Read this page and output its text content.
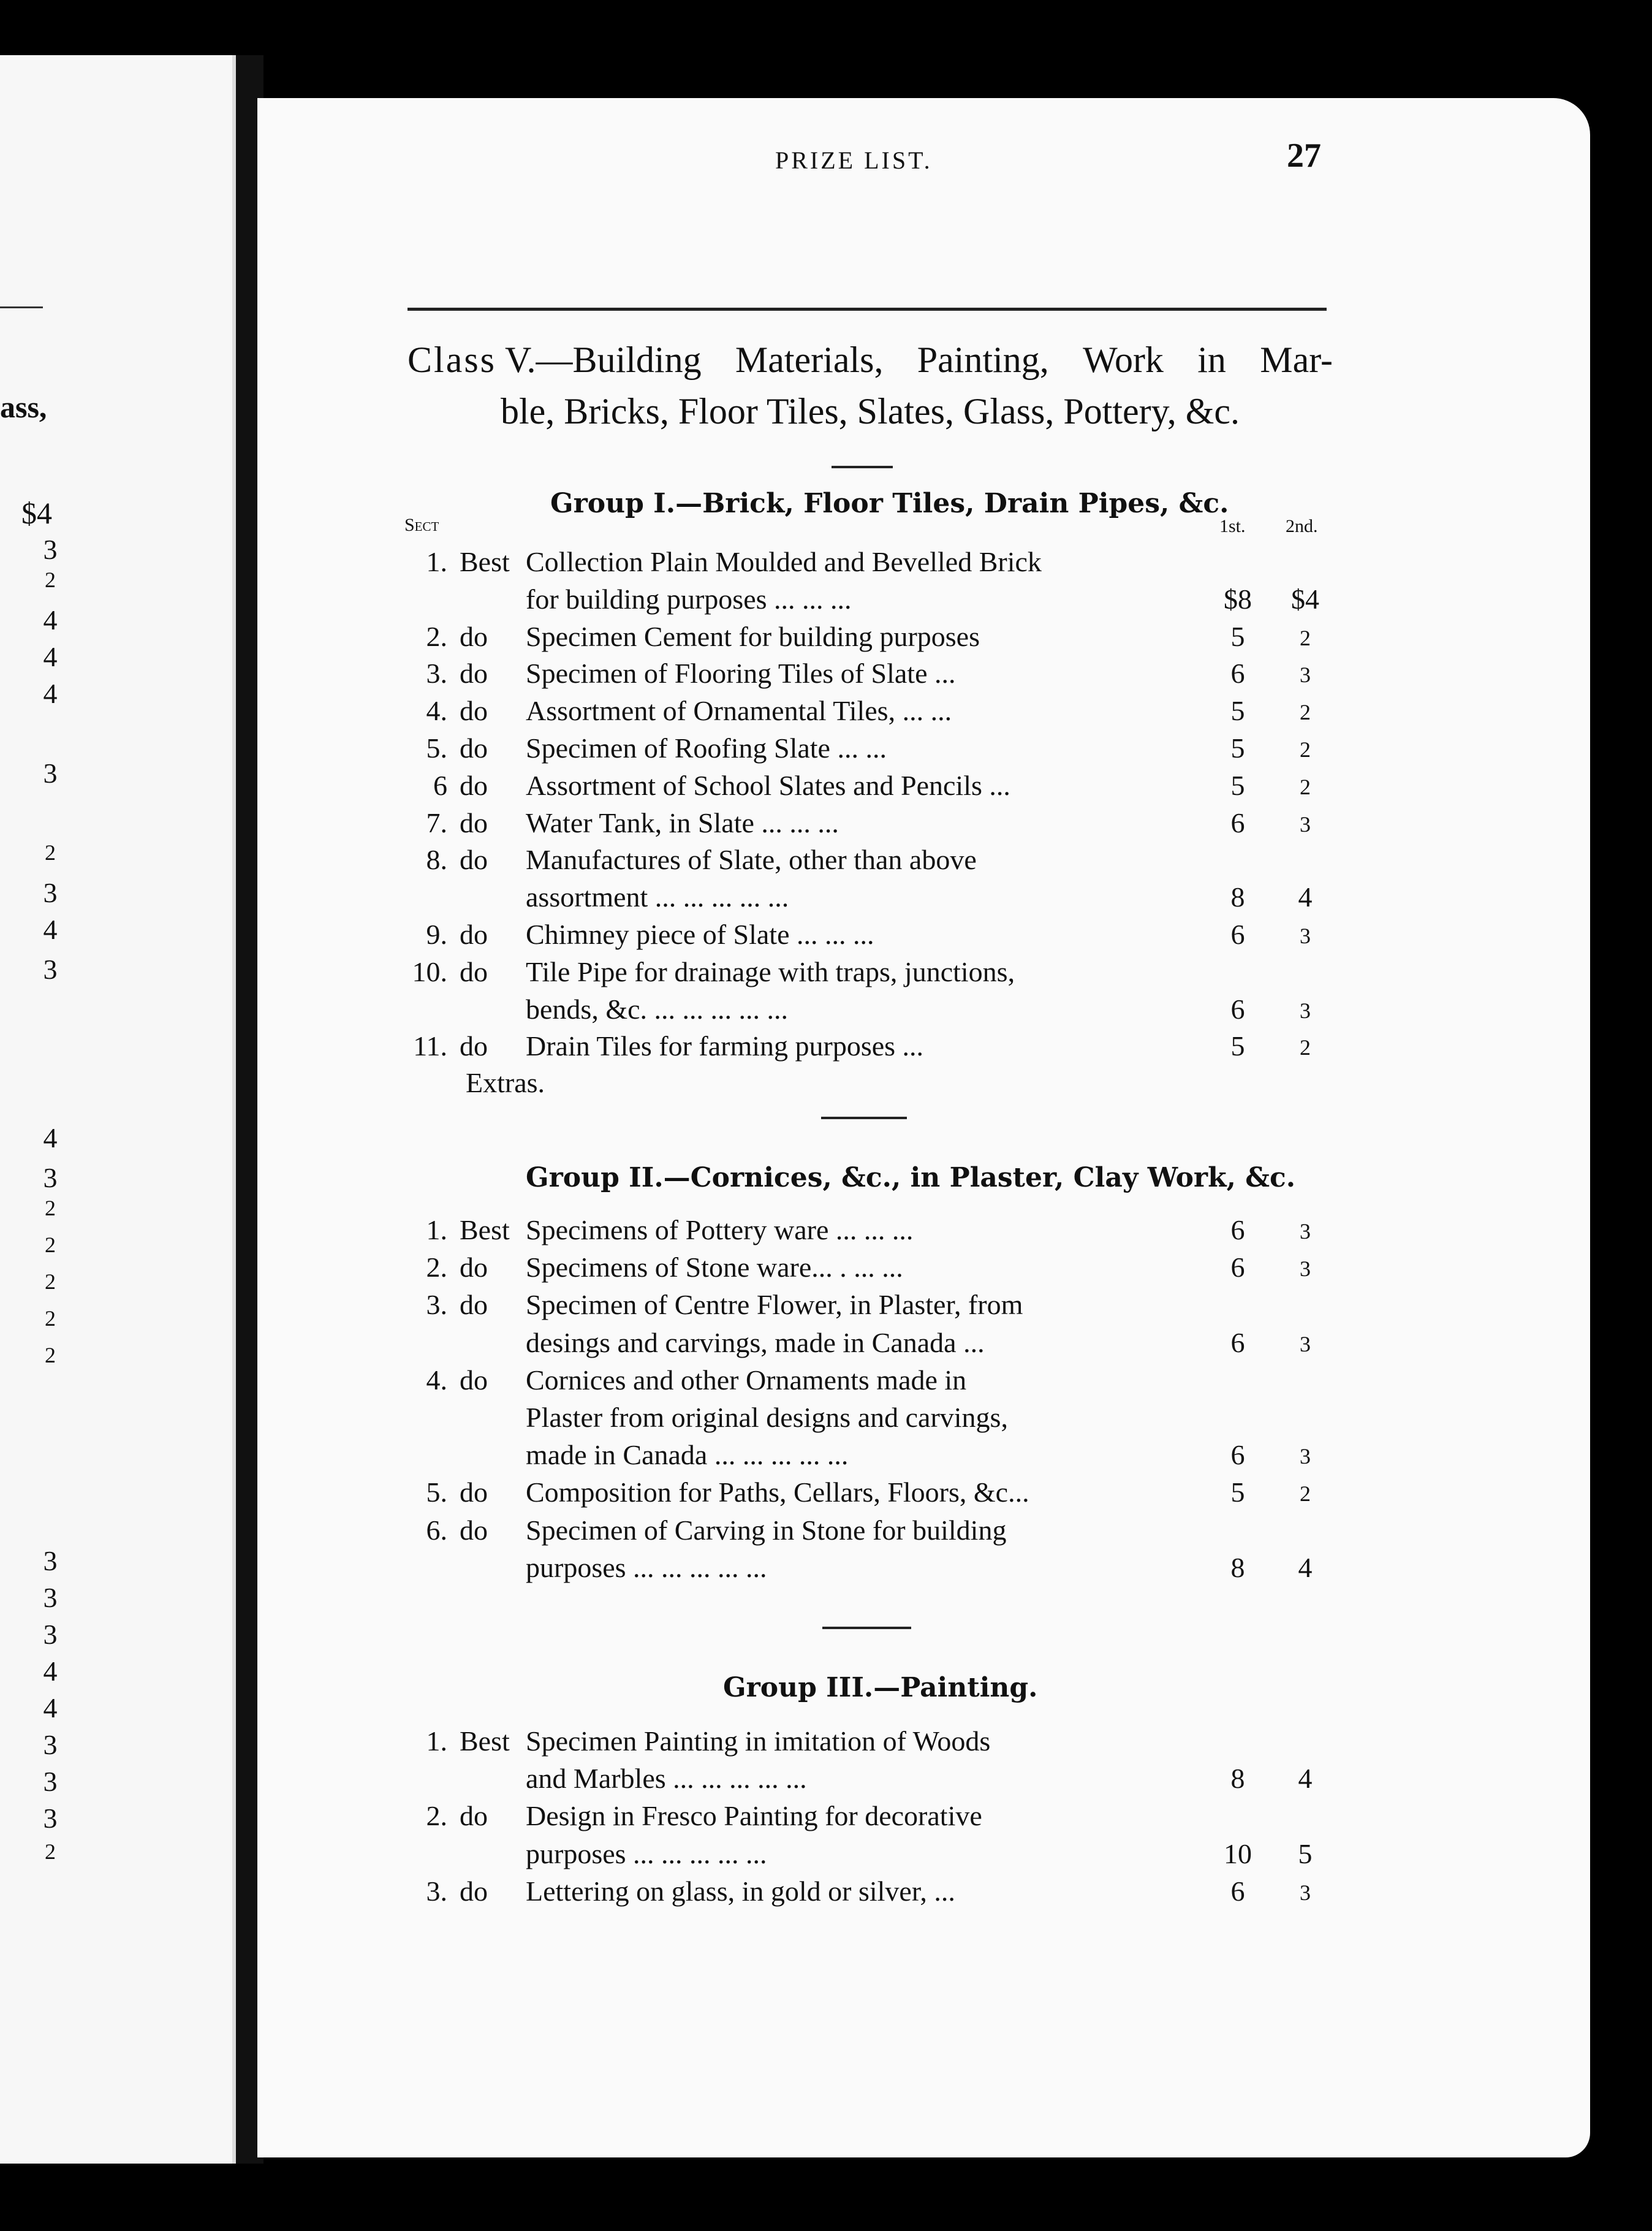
ass,
$4
3
2
4
4
4
3
2
3
4
3
4
3
2
2
2
2
2
3
3
3
4
4
3
3
3
2
PRIZE LIST.	27
Class V.—Building Materials, Painting, Work in Mar-
ble, Bricks, Floor Tiles, Slates, Glass, Pottery, &c.
Group I.—Brick, Floor Tiles, Drain Pipes, &c.
Sect	1st. 2nd.
1. Best Collection Plain Moulded and Bevelled Brick
for building purposes ... ... ...	$8	$4
2. do Specimen Cement for building purposes	5	2
3. do Specimen of Flooring Tiles of Slate ...	6	3
4. do Assortment of Ornamental Tiles, ... ...	5	2
5. do Specimen of Roofing Slate ... ...	5	2
6 do Assortment of School Slates and Pencils ...	5	2
7. do Water Tank, in Slate ... ... ...	6	3
8. do Manufactures of Slate, other than above
assortment ... ... ... ... ...	8	4
9. do Chimney piece of Slate ... ... ...	6	3
10. do Tile Pipe for drainage with traps, junctions,
bends, &c. ... ... ... ... ...	6	3
11. do Drain Tiles for farming purposes ...	5	2
Extras.
Group II.—Cornices, &c., in Plaster, Clay Work, &c.
1. Best Specimens of Pottery ware ... ... ...	6	3
2. do Specimens of Stone ware... . ... ...	6	3
3. do Specimen of Centre Flower, in Plaster, from
desings and carvings, made in Canada ...	6	3
4. do Cornices and other Ornaments made in
Plaster from original designs and carvings,
made in Canada ... ... ... ... ...	6	3
5. do Composition for Paths, Cellars, Floors, &c...	5	2
6. do Specimen of Carving in Stone for building
purposes ... ... ... ... ...	8	4
Group III.—Painting.
1. Best Specimen Painting in imitation of Woods
and Marbles ... ... ... ... ...	8	4
2. do Design in Fresco Painting for decorative
purposes ... ... ... ... ...	10	5
3. do Lettering on glass, in gold or silver, ...	6	3
